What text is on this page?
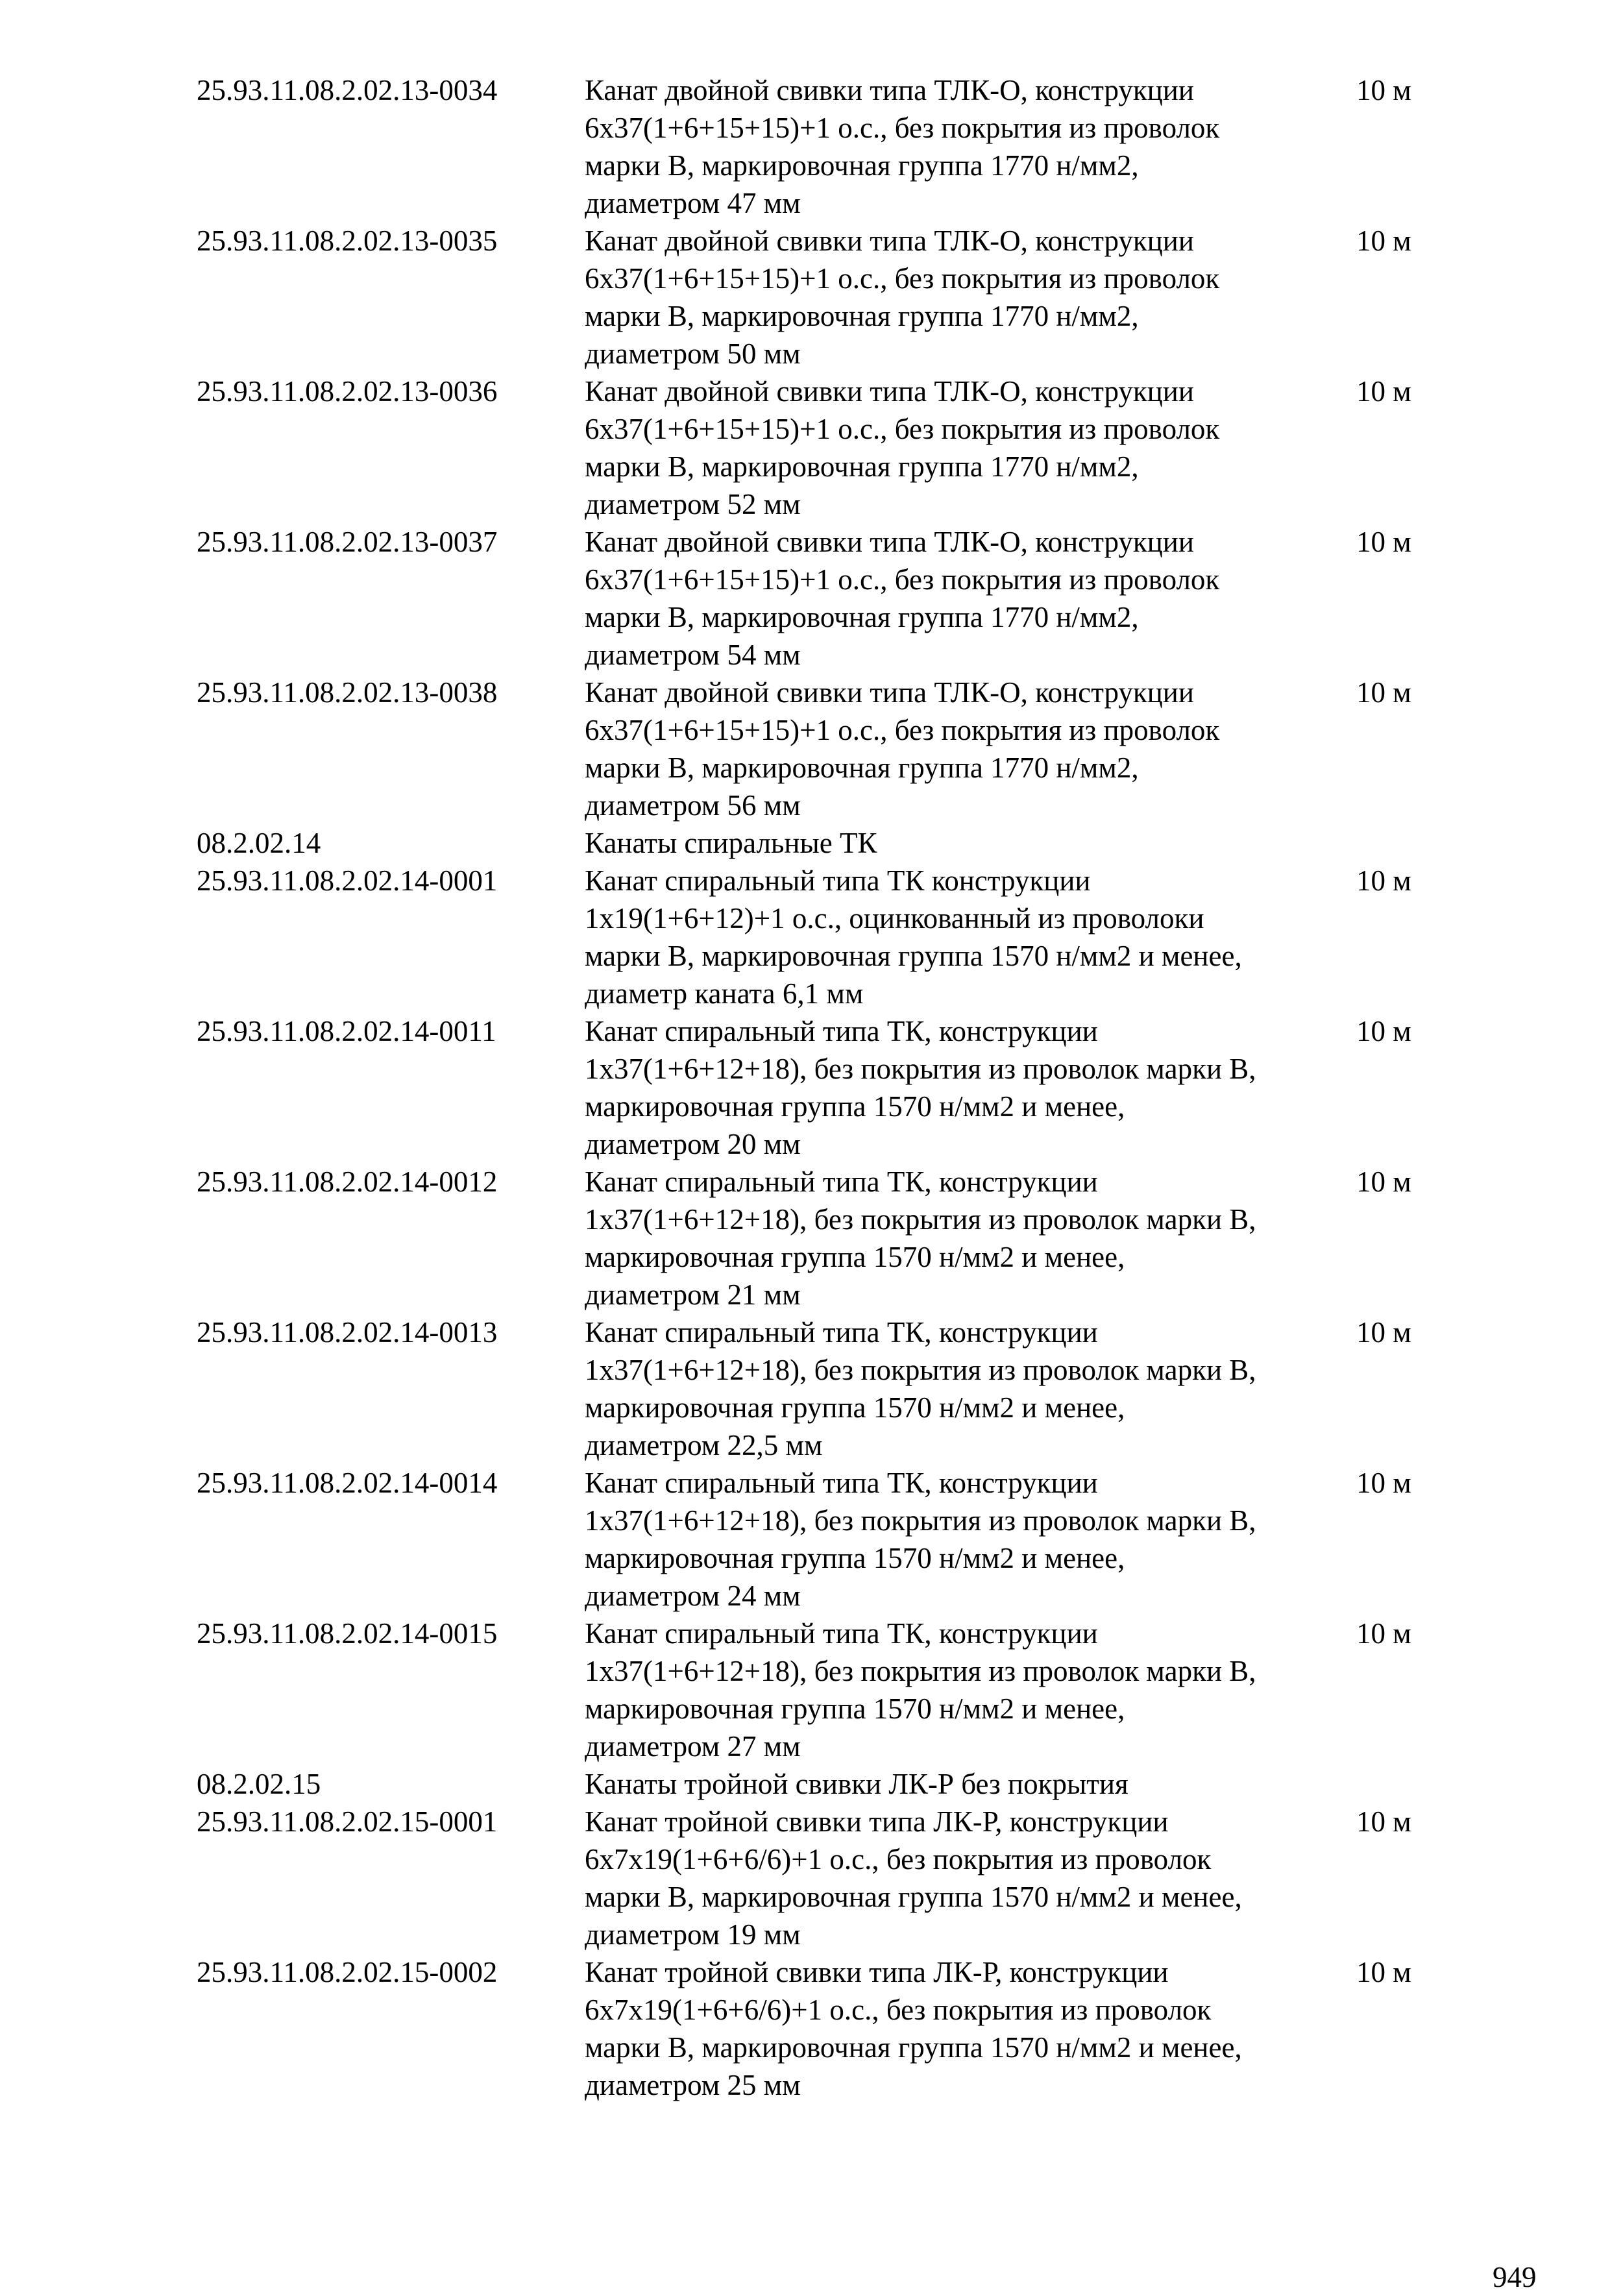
25.93.11.08.2.02.13-0034	Канат двойной свивки типа ТЛК-О, конструкции
6х37(1+6+15+15)+1 о.с., без покрытия из проволок
марки В, маркировочная группа 1770 н/мм2,
диаметром 47 мм
10 м
25.93.11.08.2.02.13-0035	Канат двойной свивки типа ТЛК-О, конструкции
6х37(1+6+15+15)+1 о.с., без покрытия из проволок
марки В, маркировочная группа 1770 н/мм2,
диаметром 50 мм
10 м
25.93.11.08.2.02.13-0036	Канат двойной свивки типа ТЛК-О, конструкции
6х37(1+6+15+15)+1 о.с., без покрытия из проволок
марки В, маркировочная группа 1770 н/мм2,
диаметром 52 мм
10 м
25.93.11.08.2.02.13-0037	Канат двойной свивки типа ТЛК-О, конструкции
6х37(1+6+15+15)+1 о.с., без покрытия из проволок
марки В, маркировочная группа 1770 н/мм2,
диаметром 54 мм
10 м
25.93.11.08.2.02.13-0038	Канат двойной свивки типа ТЛК-О, конструкции
6х37(1+6+15+15)+1 о.с., без покрытия из проволок
марки В, маркировочная группа 1770 н/мм2,
диаметром 56 мм
10 м
08.2.02.14	Канаты спиральные ТК
25.93.11.08.2.02.14-0001	Канат спиральный типа ТК конструкции
1х19(1+6+12)+1 о.с., оцинкованный из проволоки
марки В, маркировочная группа 1570 н/мм2 и менее,
диаметр каната 6,1 мм
10 м
25.93.11.08.2.02.14-0011	Канат спиральный типа ТК, конструкции
1х37(1+6+12+18), без покрытия из проволок марки В,
маркировочная группа 1570 н/мм2 и менее,
диаметром 20 мм
10 м
25.93.11.08.2.02.14-0012	Канат спиральный типа ТК, конструкции
1х37(1+6+12+18), без покрытия из проволок марки В,
маркировочная группа 1570 н/мм2 и менее,
диаметром 21 мм
10 м
25.93.11.08.2.02.14-0013	Канат спиральный типа ТК, конструкции
1х37(1+6+12+18), без покрытия из проволок марки В,
маркировочная группа 1570 н/мм2 и менее,
диаметром 22,5 мм
10 м
25.93.11.08.2.02.14-0014	Канат спиральный типа ТК, конструкции
1х37(1+6+12+18), без покрытия из проволок марки В,
маркировочная группа 1570 н/мм2 и менее,
диаметром 24 мм
10 м
25.93.11.08.2.02.14-0015	Канат спиральный типа ТК, конструкции
1х37(1+6+12+18), без покрытия из проволок марки В,
маркировочная группа 1570 н/мм2 и менее,
диаметром 27 мм
10 м
08.2.02.15	Канаты тройной свивки ЛК-Р без покрытия
25.93.11.08.2.02.15-0001	Канат тройной свивки типа ЛК-Р, конструкции
6х7х19(1+6+6/6)+1 о.с., без покрытия из проволок
марки В, маркировочная группа 1570 н/мм2 и менее,
диаметром 19 мм
10 м
25.93.11.08.2.02.15-0002	Канат тройной свивки типа ЛК-Р, конструкции
6х7х19(1+6+6/6)+1 о.с., без покрытия из проволок
марки В, маркировочная группа 1570 н/мм2 и менее,
диаметром 25 мм
10 м
949
